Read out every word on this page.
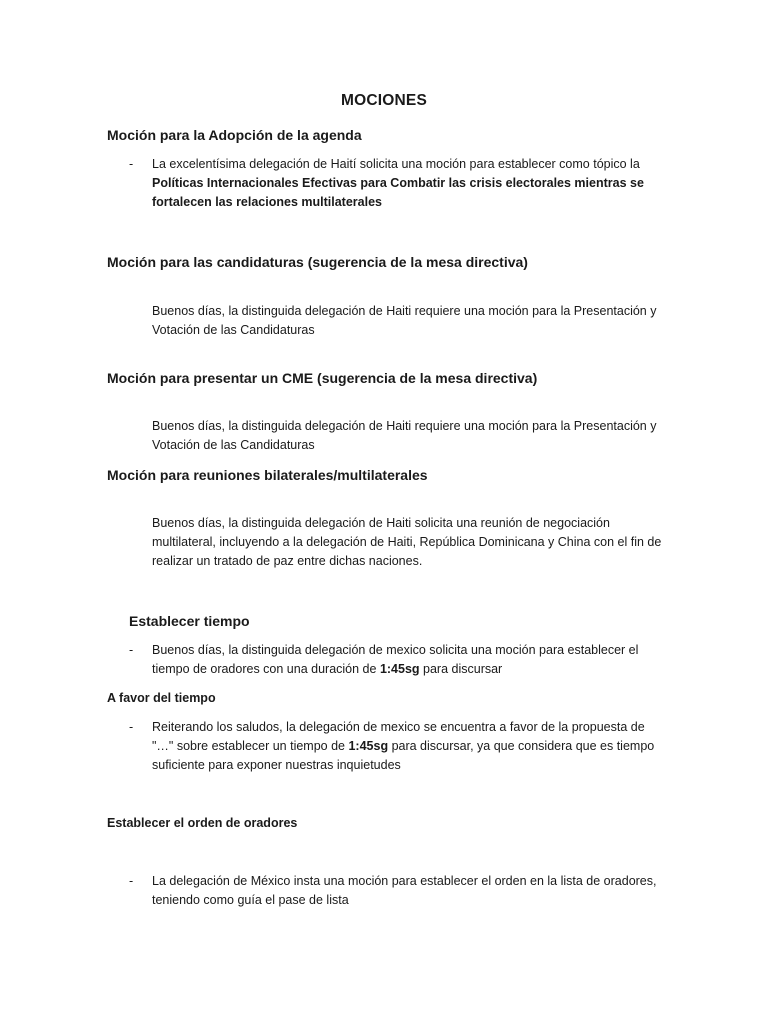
MOCIONES
Moción para la Adopción de la agenda
- La excelentísima delegación de Haití solicita una moción para establecer como tópico la Políticas Internacionales Efectivas para Combatir las crisis electorales mientras se fortalecen las relaciones multilaterales
Moción para las candidaturas (sugerencia de la mesa directiva)
Buenos días, la distinguida delegación de Haiti requiere una moción para la Presentación y Votación de las Candidaturas
Moción para presentar un CME (sugerencia de la mesa directiva)
Buenos días, la distinguida delegación de Haiti requiere una moción para la Presentación y Votación de las Candidaturas
Moción para reuniones bilaterales/multilaterales
Buenos días, la distinguida delegación de Haiti solicita una reunión de negociación multilateral, incluyendo a la delegación de Haiti, República Dominicana y China con el fin de realizar un tratado de paz entre dichas naciones.
Establecer tiempo
- Buenos días, la distinguida delegación de mexico solicita una moción para establecer el tiempo de oradores con una duración de 1:45sg para discursar
A favor del tiempo
- Reiterando los saludos, la delegación de mexico se encuentra a favor de la propuesta de "…" sobre establecer un tiempo de 1:45sg para discursar, ya que considera que es tiempo suficiente para exponer nuestras inquietudes
Establecer el orden de oradores
- La delegación de México insta una moción para establecer el orden en la lista de oradores, teniendo como guía el pase de lista
